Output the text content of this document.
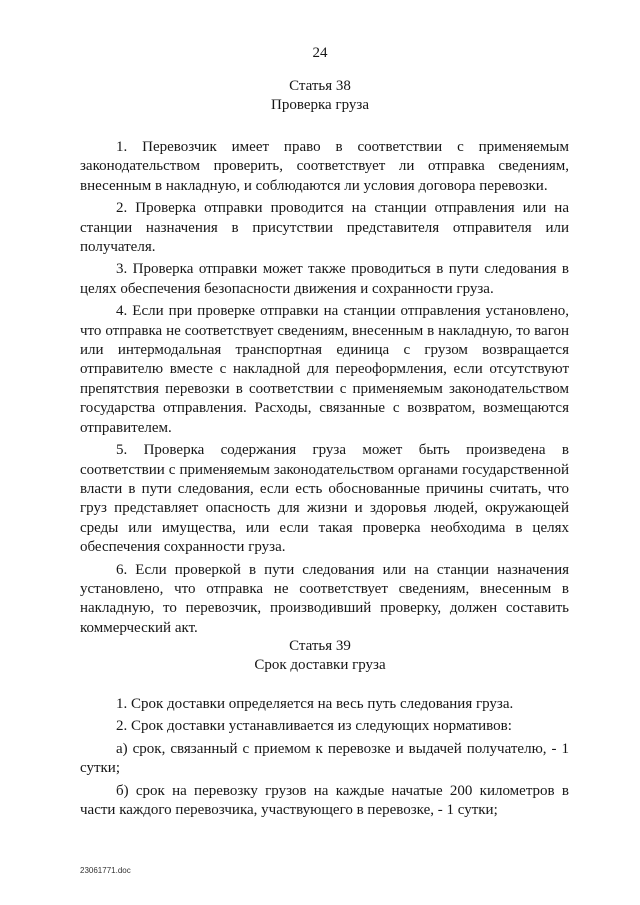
24
Статья 38
Проверка груза

1. Перевозчик имеет право в соответствии с применяемым законодательством проверить, соответствует ли отправка сведениям, внесенным в накладную, и соблюдаются ли условия договора перевозки.

2. Проверка отправки проводится на станции отправления или на станции назначения в присутствии представителя отправителя или получателя.

3. Проверка отправки может также проводиться в пути следования в целях обеспечения безопасности движения и сохранности груза.

4. Если при проверке отправки на станции отправления установлено, что отправка не соответствует сведениям, внесенным в накладную, то вагон или интермодальная транспортная единица с грузом возвращается отправителю вместе с накладной для переоформления, если отсутствуют препятствия перевозки в соответствии с применяемым законодательством государства отправления. Расходы, связанные с возвратом, возмещаются отправителем.

5. Проверка содержания груза может быть произведена в соответствии с применяемым законодательством органами государственной власти в пути следования, если есть обоснованные причины считать, что груз представляет опасность для жизни и здоровья людей, окружающей среды или имущества, или если такая проверка необходима в целях обеспечения сохранности груза.

6. Если проверкой в пути следования или на станции назначения установлено, что отправка не соответствует сведениям, внесенным в накладную, то перевозчик, производивший проверку, должен составить коммерческий акт.

Статья 39
Срок доставки груза

1. Срок доставки определяется на весь путь следования груза.

2. Срок доставки устанавливается из следующих нормативов:

а) срок, связанный с приемом к перевозке и выдачей получателю, - 1 сутки;

б) срок на перевозку грузов на каждые начатые 200 километров в части каждого перевозчика, участвующего в перевозке, - 1 сутки;

23061771.doc
